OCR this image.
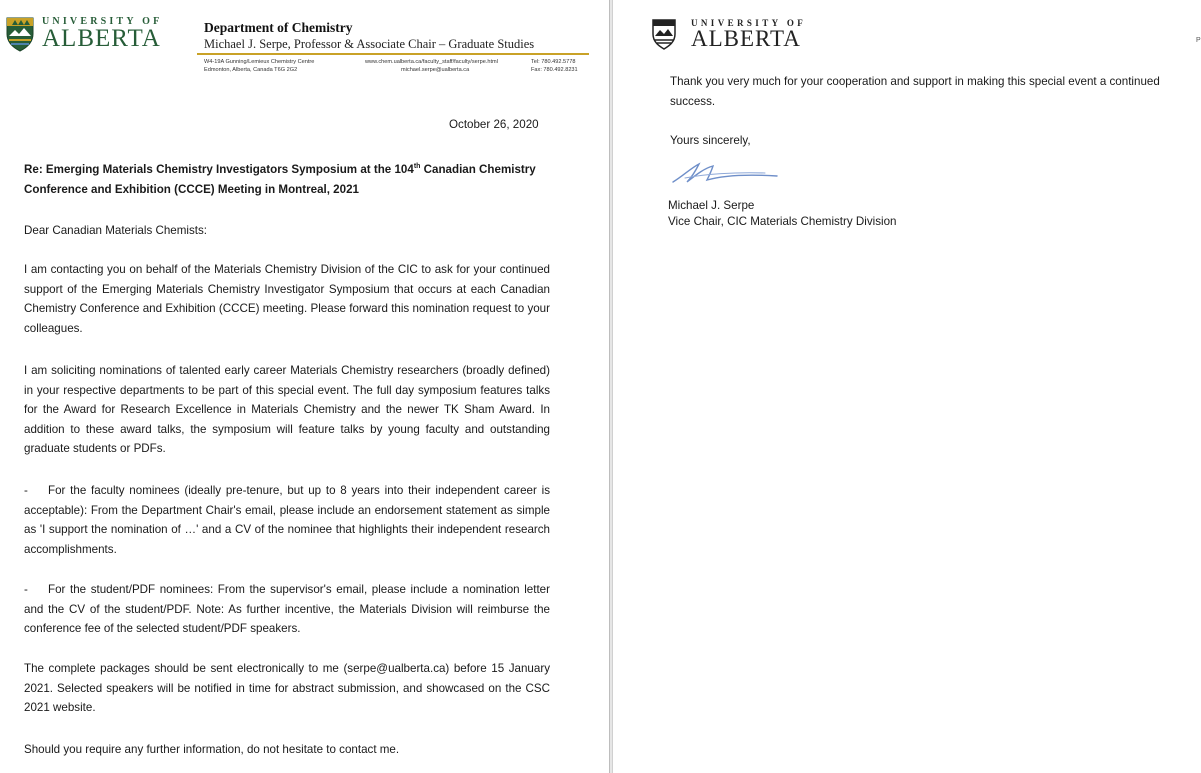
UNIVERSITY OF
ALBERTA	Department of Chemistry
Michael J. Serpe, Professor & Associate Chair – Graduate Studies
W4-19A Gunning/Lemieux Chemistry Centre
Edmonton, Alberta, Canada T6G 2G2
www.chem.ualberta.ca/faculty_staff/faculty/serpe.html
michael.serpe@ualberta.ca
Tel: 780.492.5778
Fax: 780.492.8231
October 26, 2020
Re: Emerging Materials Chemistry Investigators Symposium at the 104th Canadian Chemistry Conference and Exhibition (CCCE) Meeting in Montreal, 2021
Dear Canadian Materials Chemists:
I am contacting you on behalf of the Materials Chemistry Division of the CIC to ask for your continued support of the Emerging Materials Chemistry Investigator Symposium that occurs at each Canadian Chemistry Conference and Exhibition (CCCE) meeting. Please forward this nomination request to your colleagues.
I am soliciting nominations of talented early career Materials Chemistry researchers (broadly defined) in your respective departments to be part of this special event. The full day symposium features talks for the Award for Research Excellence in Materials Chemistry and the newer TK Sham Award. In addition to these award talks, the symposium will feature talks by young faculty and outstanding graduate students or PDFs.
- For the faculty nominees (ideally pre-tenure, but up to 8 years into their independent career is acceptable): From the Department Chair's email, please include an endorsement statement as simple as 'I support the nomination of …' and a CV of the nominee that highlights their independent research accomplishments.
- For the student/PDF nominees: From the supervisor's email, please include a nomination letter and the CV of the student/PDF. Note: As further incentive, the Materials Division will reimburse the conference fee of the selected student/PDF speakers.
The complete packages should be sent electronically to me (serpe@ualberta.ca) before 15 January 2021. Selected speakers will be notified in time for abstract submission, and showcased on the CSC 2021 website.
Should you require any further information, do not hesitate to contact me.
UNIVERSITY OF
ALBERTA	P
Thank you very much for your cooperation and support in making this special event a continued
success.
Yours sincerely,
Michael J. Serpe
Vice Chair, CIC Materials Chemistry Division
